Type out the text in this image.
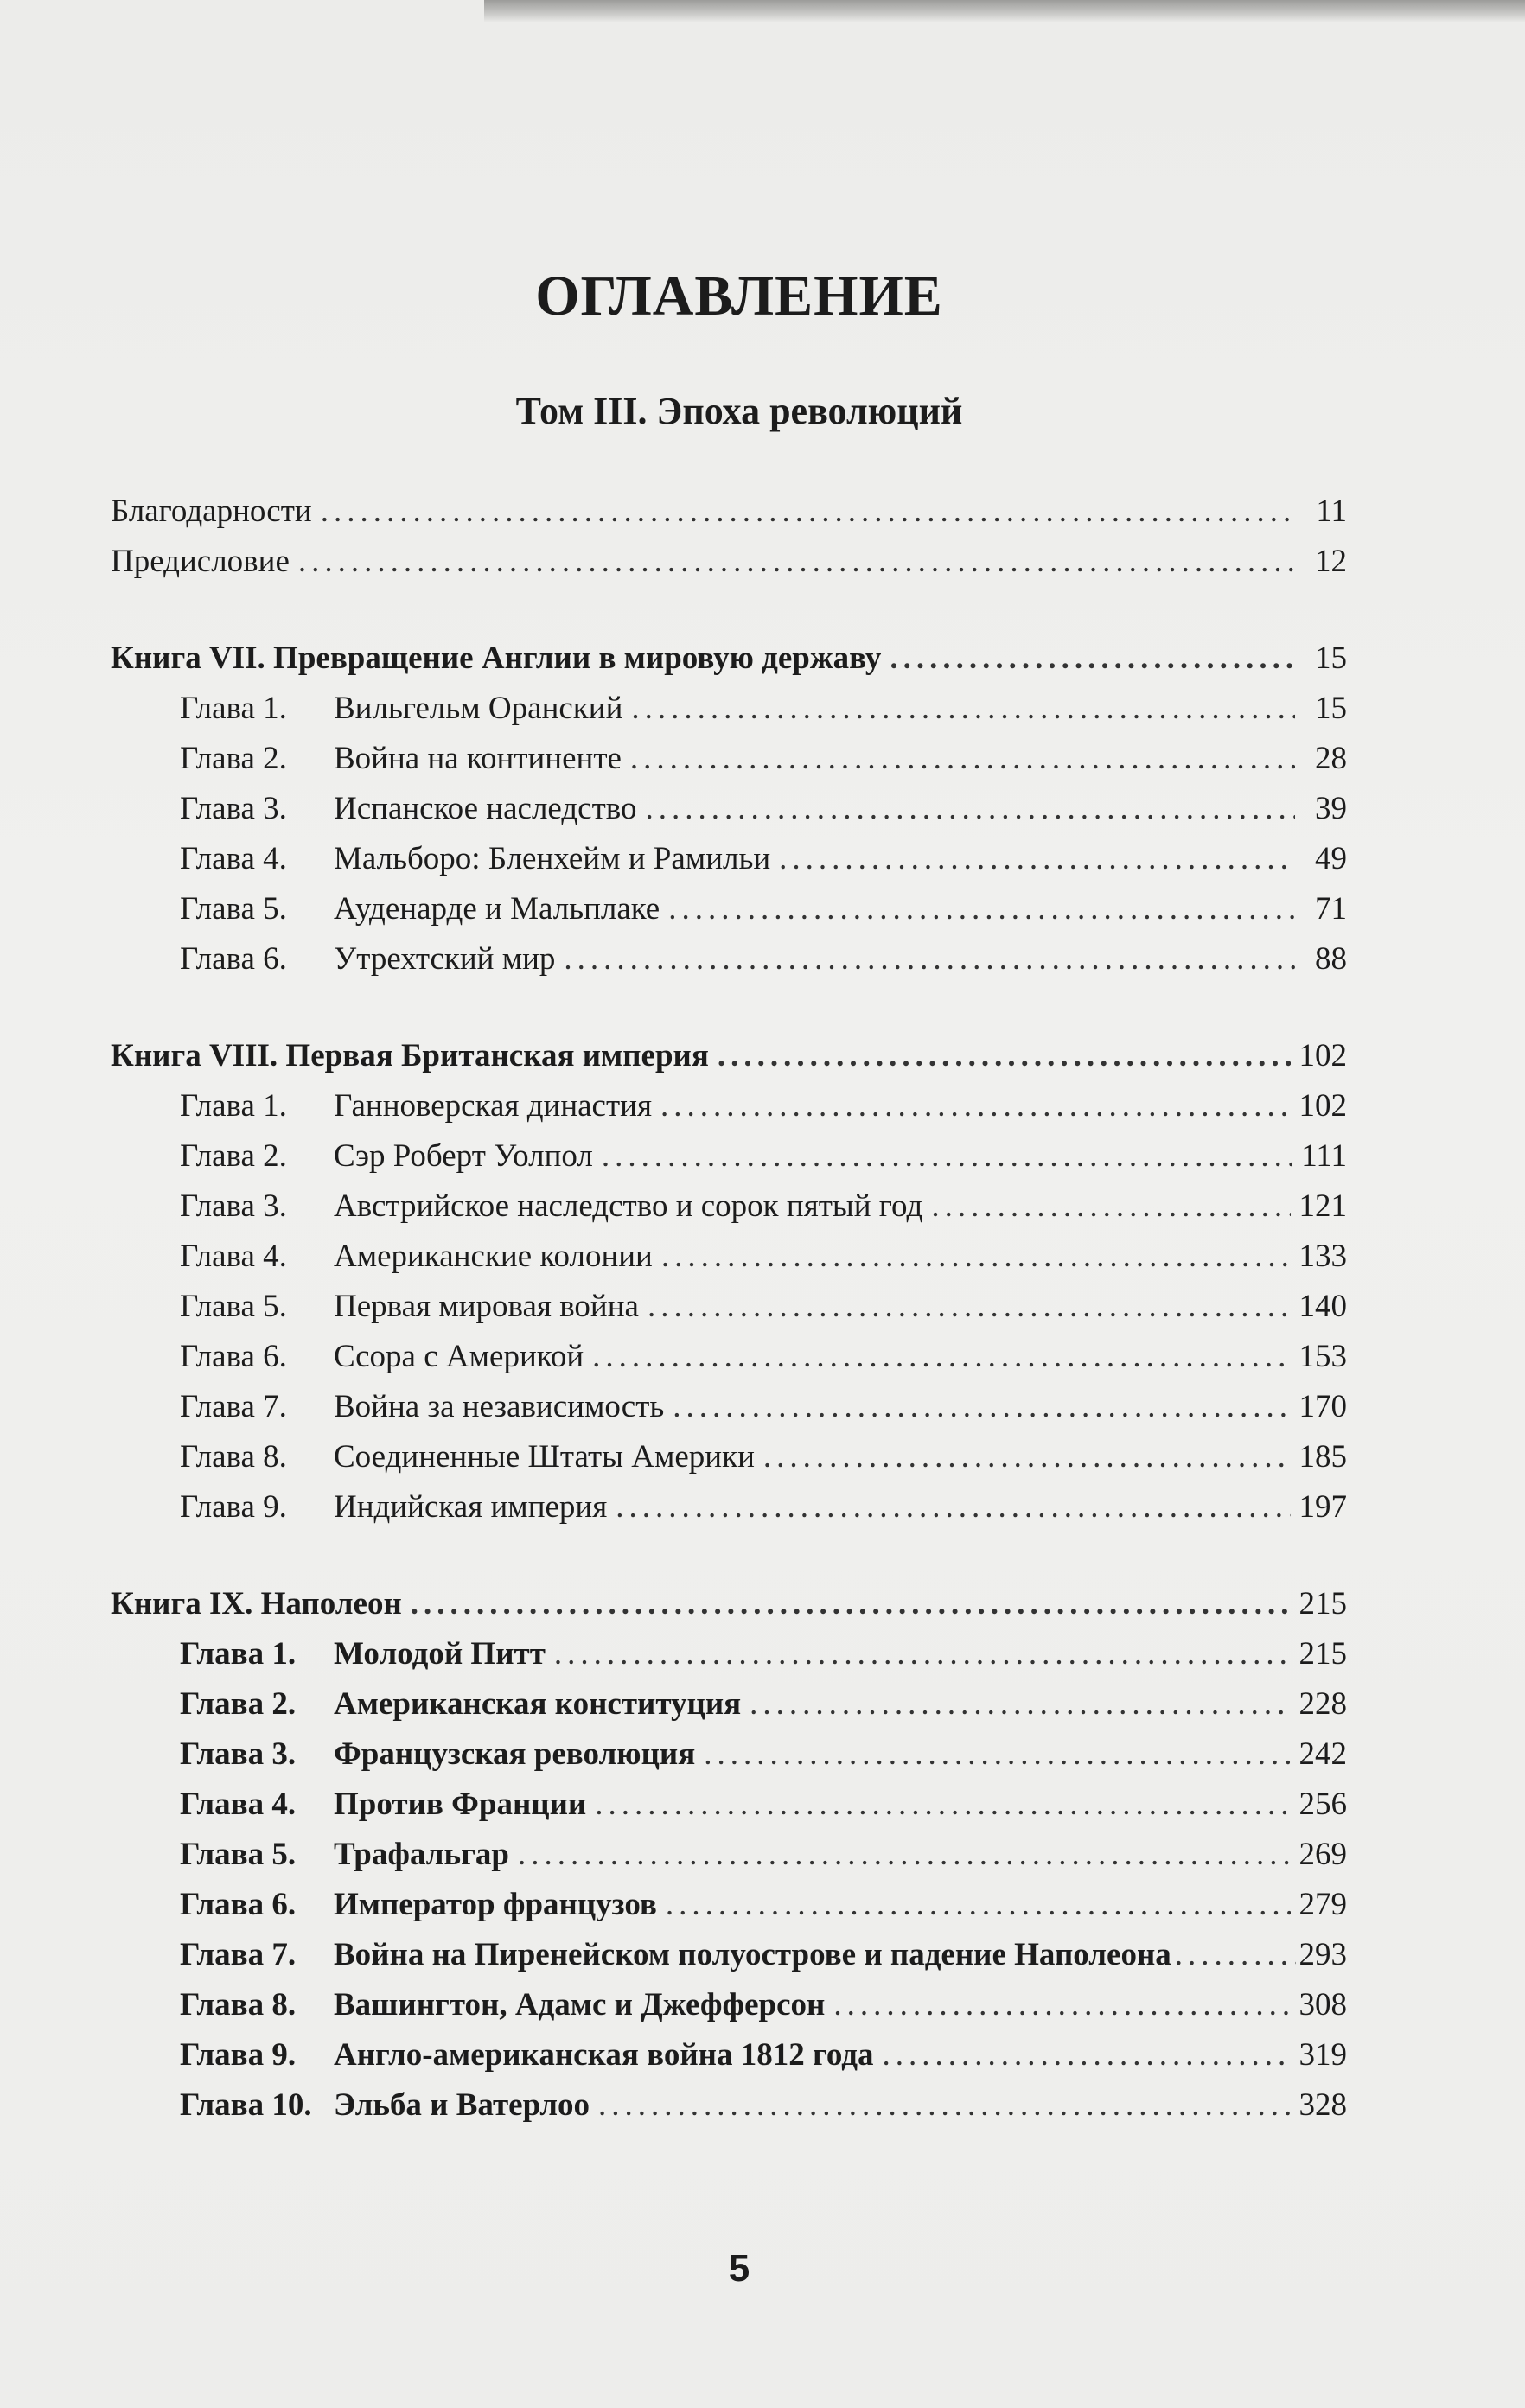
ОГЛАВЛЕНИЕ
Том III. Эпоха революций
Благодарности .....	11
Предисловие .....	12
Книга VII. Превращение Англии в мировую державу .....	15
Глава 1.	Вильгельм Оранский .....	15
Глава 2.	Война на континенте .....	28
Глава 3.	Испанское наследство .....	39
Глава 4.	Мальборо: Бленхейм и Рамильи .....	49
Глава 5.	Ауденарде и Мальплаке .....	71
Глава 6.	Утрехтский мир .....	88
Книга VIII. Первая Британская империя .....	102
Глава 1.	Ганноверская династия .....	102
Глава 2.	Сэр Роберт Уолпол .....	111
Глава 3.	Австрийское наследство и сорок пятый год .....	121
Глава 4.	Американские колонии .....	133
Глава 5.	Первая мировая война .....	140
Глава 6.	Ссора с Америкой .....	153
Глава 7.	Война за независимость .....	170
Глава 8.	Соединенные Штаты Америки .....	185
Глава 9.	Индийская империя .....	197
Книга IX. Наполеон .....	215
Глава 1.	Молодой Питт .....	215
Глава 2.	Американская конституция .....	228
Глава 3.	Французская революция .....	242
Глава 4.	Против Франции .....	256
Глава 5.	Трафальгар .....	269
Глава 6.	Император французов .....	279
Глава 7.	Война на Пиренейском полуострове и падение Наполеона .....	293
Глава 8.	Вашингтон, Адамс и Джефферсон .....	308
Глава 9.	Англо-американская война 1812 года .....	319
Глава 10. Эльба и Ватерлоо .....	328
5
